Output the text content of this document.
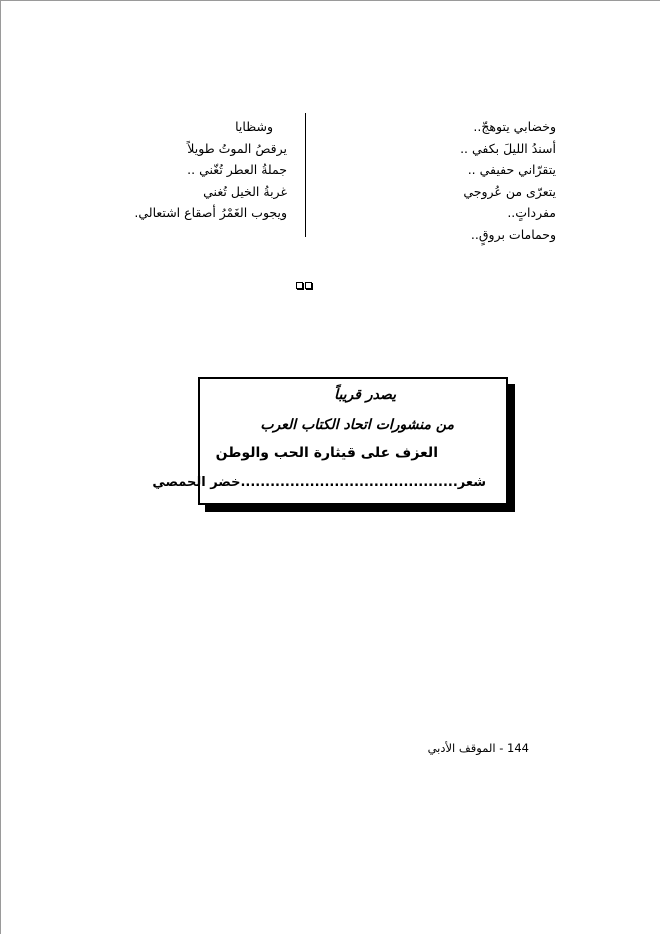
وخضابي يتوهجّ..
أسندُ الليلَ بكفي ..
يتقرّاني حفيفي ..
يتعرّى من عُروجي
مفرداتٍ..
وحمامات بروقٍ..
وشظايا
يرقصُ الموتُ طويلاً
جملةُ العطر تُغّني ..
غربةُ الخيل تُغني
ويجوب الغَمْرُ أصقاع اشتعالي.
يصدر قريباً
من منشورات اتحاد الكتاب العرب
العزف على قيثارة الحب والوطن
شعر............................................خضر الحمصي
144 - الموقف الأدبي
